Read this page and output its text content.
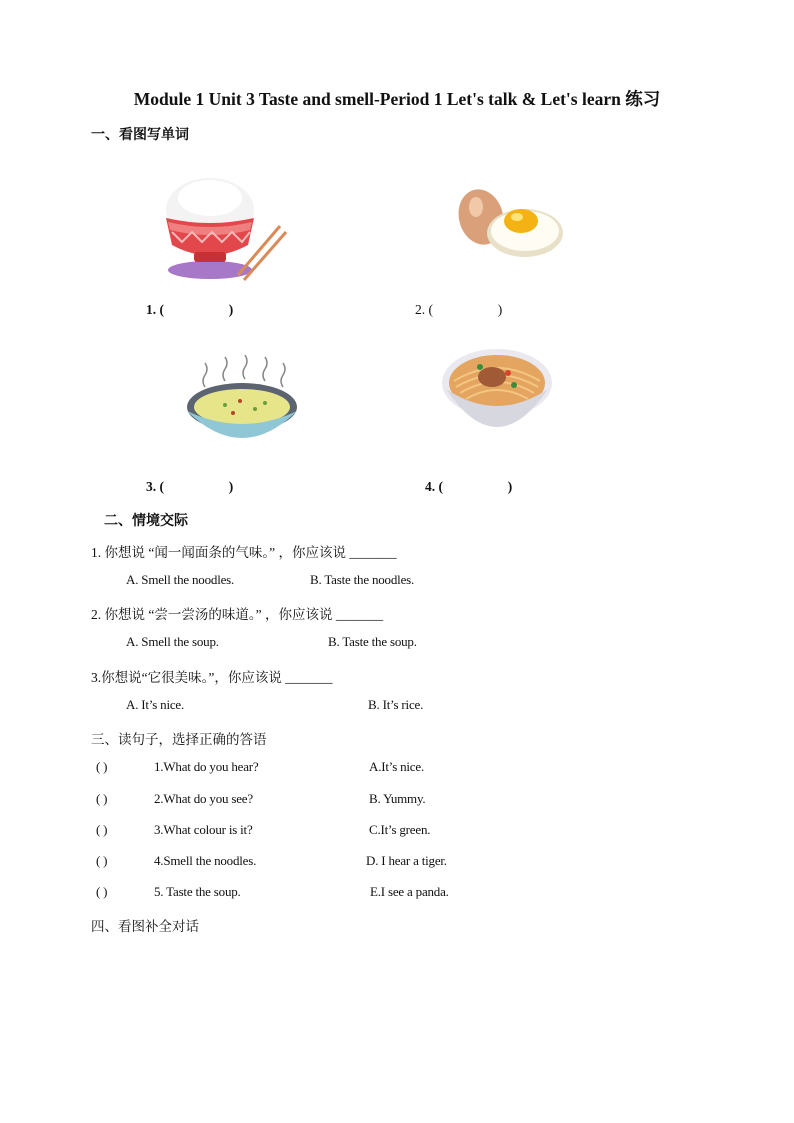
Module 1 Unit 3 Taste and smell-Period 1 Let's talk & Let's learn 练习
一、看图写单词
1. (	)	2. (	)
3. (	)	4. (	)
二、情境交际
1. 你想说 “闻一闻面条的气味。” ，你应该说 _______
A. Smell the noodles.	B. Taste the noodles.
2. 你想说 “尝一尝汤的味道。” ，你应该说 _______
A. Smell the soup.	B. Taste the soup.
3.你想说“它很美味。”，你应该说 _______
A. It’s nice.	B. It’s rice.
三、读句子，选择正确的答语
( )	1.What do you hear?	A.It’s nice.
( )	2.What do you see?	B. Yummy.
( )	3.What colour is it?	C.It’s green.
( )	4.Smell the noodles.	D. I hear a tiger.
( )	5. Taste the soup.	E.I see a panda.
四、看图补全对话
